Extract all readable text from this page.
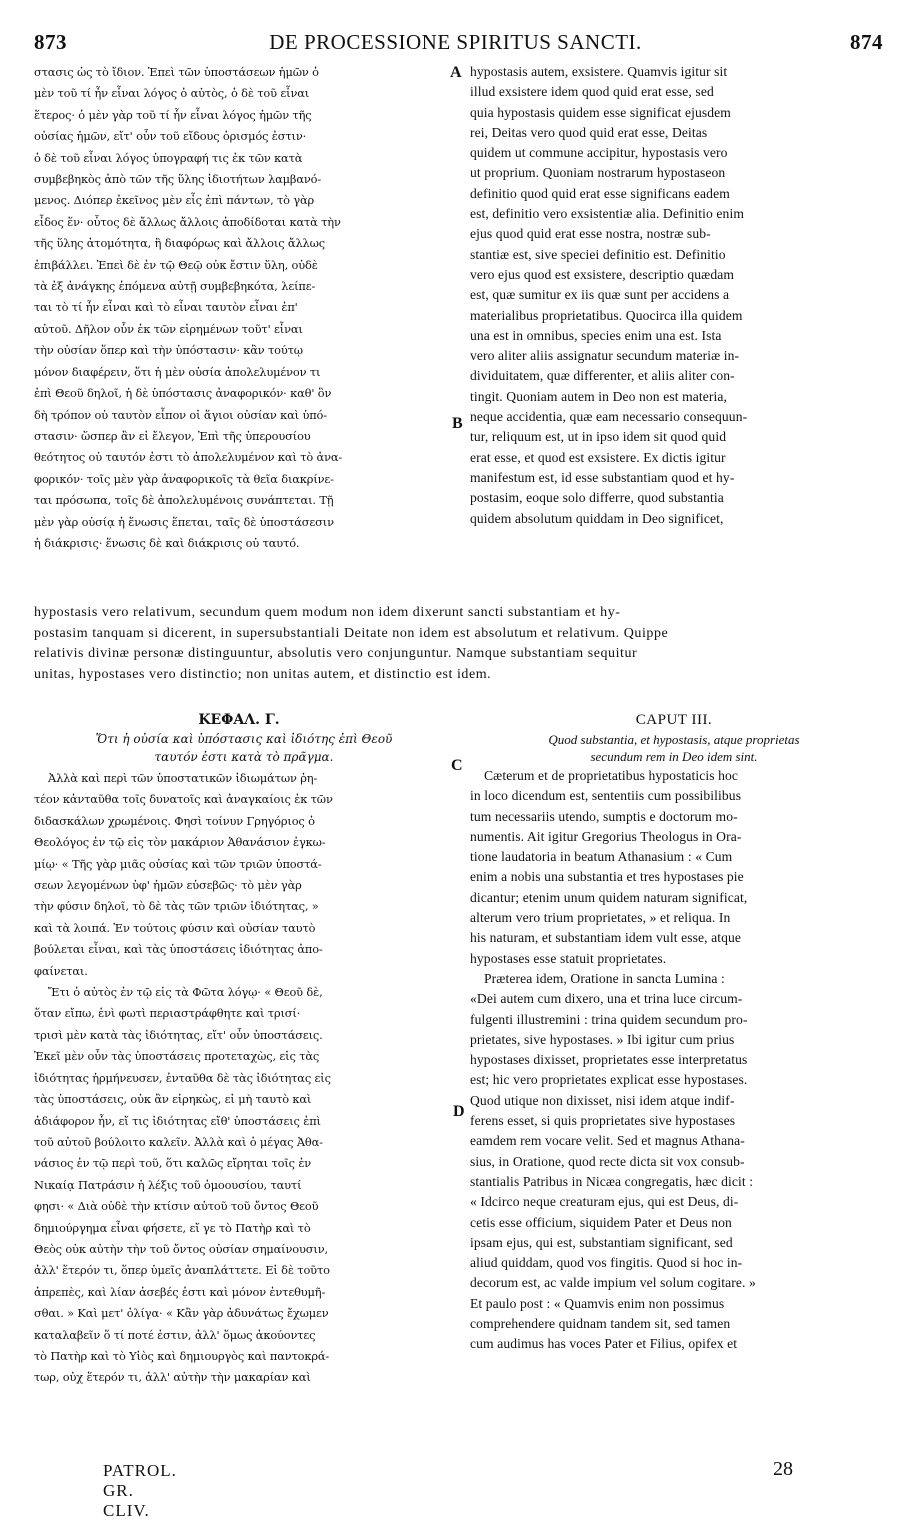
873	DE PROCESSIONE SPIRITUS SANCTI.	874
στασις ὡς τὸ ἴδιον. Ἐπεὶ τῶν ὑποστάσεων ἡμῶν ὁ
μὲν τοῦ τί ἦν εἶναι λόγος ὁ αὐτὸς, ὁ δὲ τοῦ εἶναι
ἕτερος· ὁ μὲν γὰρ τοῦ τί ἦν εἶναι λόγος ἡμῶν τῆς
οὐσίας ἡμῶν, εἴτ' οὖν τοῦ εἴδους ὁρισμός ἐστιν·
ὁ δὲ τοῦ εἶναι λόγος ὑπογραφή τις ἐκ τῶν κατὰ
συμβεβηκὸς ἀπὸ τῶν τῆς ὕλης ἰδιοτήτων λαμβανό-
μενος. Διόπερ ἐκεῖνος μὲν εἷς ἐπὶ πάντων, τὸ γὰρ
εἶδος ἕν· οὗτος δὲ ἄλλως ἄλλοις ἀποδίδοται κατὰ τὴν
τῆς ὕλης ἀτομότητα, ἢ διαφόρως καὶ ἄλλοις ἄλλως
ἐπιβάλλει. Ἐπεὶ δὲ ἐν τῷ Θεῷ οὐκ ἔστιν ὕλη, οὐδὲ
τὰ ἐξ ἀνάγκης ἑπόμενα αὐτῇ συμβεβηκότα, λείπε-
ται τὸ τί ἦν εἶναι καὶ τὸ εἶναι ταυτὸν εἶναι ἐπ'
αὐτοῦ. Δῆλον οὖν ἐκ τῶν εἰρημένων τοῦτ' εἶναι
τὴν οὐσίαν ὅπερ καὶ τὴν ὑπόστασιν· κἂν τούτῳ
μόνον διαφέρειν, ὅτι ἡ μὲν οὐσία ἀπολελυμένον τι
ἐπὶ Θεοῦ δηλοῖ, ἡ δὲ ὑπόστασις ἀναφορικόν· καθ' ὃν
δὴ τρόπον οὐ ταυτὸν εἶπον οἱ ἅγιοι οὐσίαν καὶ ὑπό-
στασιν· ὥσπερ ἂν εἰ ἔλεγον, Ἐπὶ τῆς ὑπερουσίου
θεότητος οὐ ταυτόν ἐστι τὸ ἀπολελυμένον καὶ τὸ ἀνα-
φορικόν· τοῖς μὲν γὰρ ἀναφορικοῖς τὰ θεῖα διακρίνε-
ται πρόσωπα, τοῖς δὲ ἀπολελυμένοις συνάπτεται. Τῇ
μὲν γὰρ οὐσίᾳ ἡ ἕνωσις ἕπεται, ταῖς δὲ ὑποστάσεσιν
ἡ διάκρισις· ἕνωσις δὲ καὶ διάκρισις οὐ ταυτό.
hypostasis autem, exsistere. Quamvis igitur sit
illud exsistere idem quod quid erat esse, sed
quia hypostasis quidem esse significat ejusdem
rei, Deitas vero quod quid erat esse, Deitas
quidem ut commune accipitur, hypostasis vero
ut proprium. Quoniam nostrarum hypostaseon
definitio quod quid erat esse significans eadem
est, definitio vero exsistentiæ alia. Definitio enim
ejus quod quid erat esse nostra, nostræ sub-
stantiæ est, sive speciei definitio est. Definitio
vero ejus quod est exsistere, descriptio quædam
est, quæ sumitur ex iis quæ sunt per accidens a
materialibus proprietatibus. Quocirca illa quidem
una est in omnibus, species enim una est. Ista
vero aliter aliis assignatur secundum materiæ in-
dividuitatem, quæ differenter, et aliis aliter con-
tingit. Quoniam autem in Deo non est materia,
neque accidentia, quæ eam necessario consequun-
tur, reliquum est, ut in ipso idem sit quod quid
erat esse, et quod est exsistere. Ex dictis igitur
manifestum est, id esse substantiam quod et hy-
postasim, eoque solo differre, quod substantia
quidem absolutum quiddam in Deo significet,
A
B
C
D
hypostasis vero relativum, secundum quem modum non idem dixerunt sancti substantiam et hy-
postasim tanquam si dicerent, in supersubstantiali Deitate non idem est absolutum et relativum. Quippe
relativis divinæ personæ distinguuntur, absolutis vero conjunguntur. Namque substantiam sequitur
unitas, hypostases vero distinctio; non unitas autem, et distinctio est idem.
ΚΕΦΑΛ. Γ.
Ὅτι ἡ οὐσία καὶ ὑπόστασις καὶ ἰδιότης ἐπὶ Θεοῦ
ταυτόν ἐστι κατὰ τὸ πρᾶγμα.
CAPUT III.
Quod substantia, et hypostasis, atque proprietas
secundum rem in Deo idem sint.
Ἀλλὰ καὶ περὶ τῶν ὑποστατικῶν ἰδιωμάτων ῥη-
τέον κἀνταῦθα τοῖς δυνατοῖς καὶ ἀναγκαίοις ἐκ τῶν
διδασκάλων χρωμένοις. Φησὶ τοίνυν Γρηγόριος ὁ
Θεολόγος ἐν τῷ εἰς τὸν μακάριον Ἀθανάσιον ἐγκω-
μίῳ· « Τῆς γὰρ μιᾶς οὐσίας καὶ τῶν τριῶν ὑποστά-
σεων λεγομένων ὑφ' ἡμῶν εὐσεβῶς· τὸ μὲν γὰρ
τὴν φύσιν δηλοῖ, τὸ δὲ τὰς τῶν τριῶν ἰδιότητας, »
καὶ τὰ λοιπά. Ἐν τούτοις φύσιν καὶ οὐσίαν ταυτὸ
βούλεται εἶναι, καὶ τὰς ὑποστάσεις ἰδιότητας ἀπο-
φαίνεται.
Ἔτι ὁ αὐτὸς ἐν τῷ εἰς τὰ Φῶτα λόγῳ· « Θεοῦ δὲ,
ὅταν εἴπω, ἑνὶ φωτὶ περιαστράφθητε καὶ τρισί·
τρισὶ μὲν κατὰ τὰς ἰδιότητας, εἴτ' οὖν ὑποστάσεις.
Ἐκεῖ μὲν οὖν τὰς ὑποστάσεις προτεταχὼς, εἰς τὰς
ἰδιότητας ἡρμήνευσεν, ἐνταῦθα δὲ τὰς ἰδιότητας εἰς
τὰς ὑποστάσεις, οὐκ ἂν εἰρηκὼς, εἰ μὴ ταυτὸ καὶ
ἀδιάφορον ἦν, εἴ τις ἰδιότητας εἴθ' ὑποστάσεις ἐπὶ
τοῦ αὐτοῦ βούλοιτο καλεῖν. Ἀλλὰ καὶ ὁ μέγας Ἀθα-
νάσιος ἐν τῷ περὶ τοῦ, ὅτι καλῶς εἴρηται τοῖς ἐν
Νικαίᾳ Πατράσιν ἡ λέξις τοῦ ὁμοουσίου, ταυτί
φησι· « Διὰ οὐδὲ τὴν κτίσιν αὐτοῦ τοῦ ὄντος Θεοῦ
δημιούργημα εἶναι φήσετε, εἴ γε τὸ Πατὴρ καὶ τὸ
Θεὸς οὐκ αὐτὴν τὴν τοῦ ὄντος οὐσίαν σημαίνουσιν,
ἀλλ' ἕτερόν τι, ὅπερ ὑμεῖς ἀναπλάττετε. Εἰ δὲ τοῦτο
ἀπρεπὲς, καὶ λίαν ἀσεβές ἐστι καὶ μόνον ἐντεθυμῆ-
σθαι. » Καὶ μετ' ὀλίγα· « Κἂν γὰρ ἀδυνάτως ἔχωμεν
καταλαβεῖν ὅ τί ποτέ ἐστιν, ἀλλ' ὅμως ἀκούοντες
τὸ Πατὴρ καὶ τὸ Υἱὸς καὶ δημιουργὸς καὶ παντοκρά-
τωρ, οὐχ ἕτερόν τι, ἀλλ' αὐτὴν τὴν μακαρίαν καὶ
Cæterum et de proprietatibus hypostaticis hoc
in loco dicendum est, sententiis cum possibilibus
tum necessariis utendo, sumptis e doctorum mo-
numentis. Ait igitur Gregorius Theologus in Ora-
tione laudatoria in beatum Athanasium : « Cum
enim a nobis una substantia et tres hypostases pie
dicantur; etenim unum quidem naturam significat,
alterum vero trium proprietates, » et reliqua. In
his naturam, et substantiam idem vult esse, atque
hypostases esse statuit proprietates.
Præterea idem, Oratione in sancta Lumina :
«Dei autem cum dixero, una et trina luce circum-
fulgenti illustremini : trina quidem secundum pro-
prietates, sive hypostases. » Ibi igitur cum prius
hypostases dixisset, proprietates esse interpretatus
est; hic vero proprietates explicat esse hypostases.
Quod utique non dixisset, nisi idem atque indif-
ferens esset, si quis proprietates sive hypostases
eamdem rem vocare velit. Sed et magnus Athana-
sius, in Oratione, quod recte dicta sit vox consub-
stantialis Patribus in Nicæa congregatis, hæc dicit :
« Idcirco neque creaturam ejus, qui est Deus, di-
cetis esse officium, siquidem Pater et Deus non
ipsam ejus, qui est, substantiam significant, sed
aliud quiddam, quod vos fingitis. Quod si hoc in-
decorum est, ac valde impium vel solum cogitare. »
Et paulo post : « Quamvis enim non possimus
comprehendere quidnam tandem sit, sed tamen
cum audimus has voces Pater et Filius, opifex et
PATROL. GR. CLIV.
28
